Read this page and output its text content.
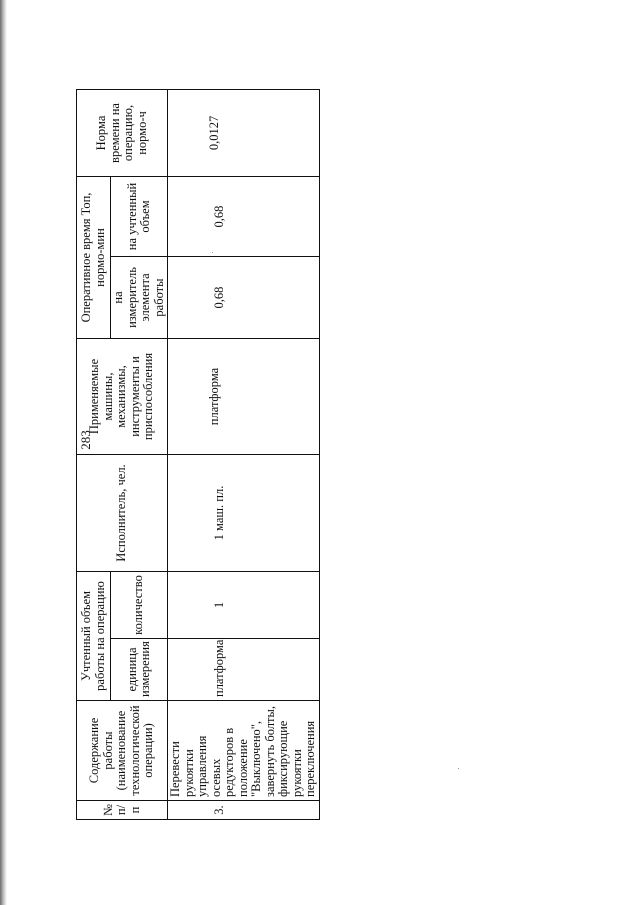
283
№ п/п	Содержание работы (наименование технологической операции)	Учтенный объем работы на операцию		Исполнитель, чел.	Применяемые машины, механизмы, инструменты и приспособления	Оперативное время Топ, нормо-мин		Норма времени на операцию, нормо-ч

		единица измерения	количество			на измеритель элемента работы	на учтенный объем	

3.	Перевести рукоятки управления осевых редукторов в положение "Выключено", завернуть болты, фиксирующие рукоятки переключения	платформа	1	1 маш. пл.	платформа	0,68	0,68	0,0127
